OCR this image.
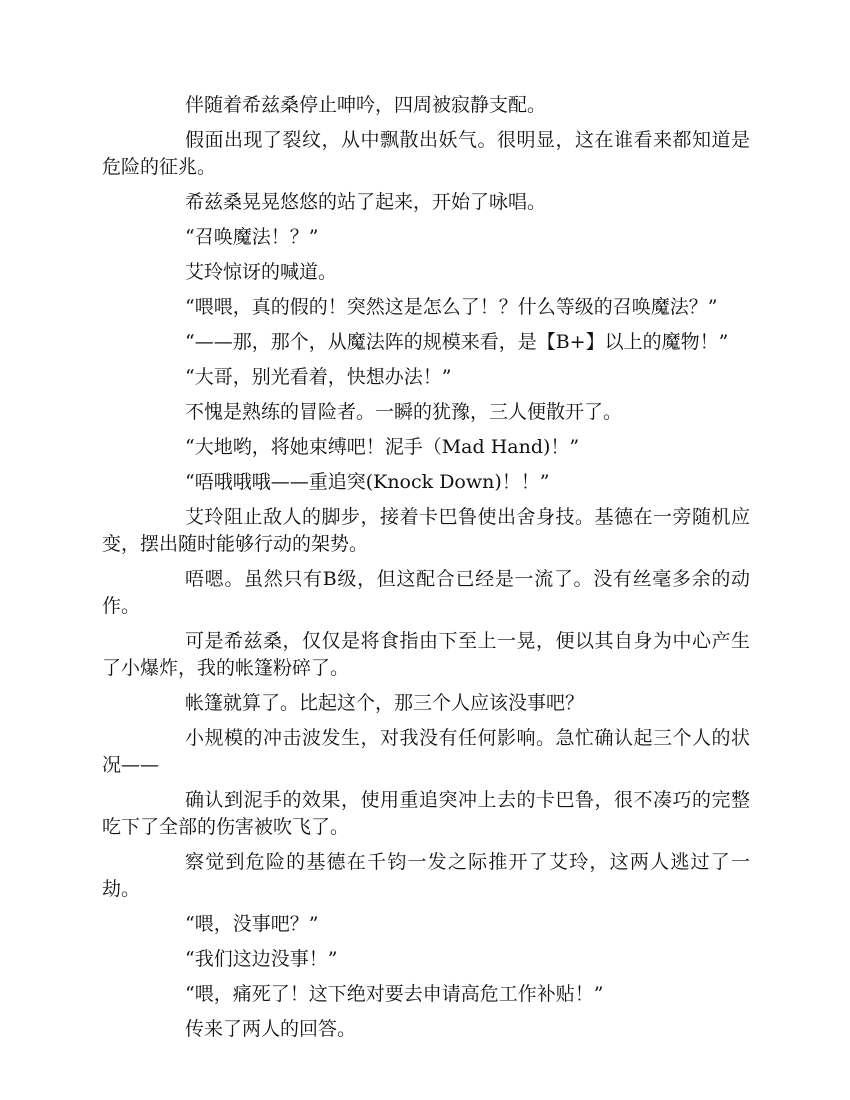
伴随着希兹桑停止呻吟，四周被寂静支配。

假面出现了裂纹，从中飘散出妖气。很明显，这在谁看来都知道是危险的征兆。

希兹桑晃晃悠悠的站了起来，开始了咏唱。

“召唤魔法！？”

艾玲惊讶的喊道。

“喂喂，真的假的！突然这是怎么了！？什么等级的召唤魔法？”

“——那，那个，从魔法阵的规模来看，是【B+】以上的魔物！”

“大哥，别光看着，快想办法！”

不愧是熟练的冒险者。一瞬的犹豫，三人便散开了。

“大地哟，将她束缚吧！泥手（Mad Hand)！”

“唔哦哦哦——重追突(Knock Down)！！”

艾玲阻止敌人的脚步，接着卡巴鲁使出舍身技。基德在一旁随机应变，摆出随时能够行动的架势。

唔嗯。虽然只有B级，但这配合已经是一流了。没有丝毫多余的动作。

可是希兹桑，仅仅是将食指由下至上一晃，便以其自身为中心产生了小爆炸，我的帐篷粉碎了。

帐篷就算了。比起这个，那三个人应该没事吧？

小规模的冲击波发生，对我没有任何影响。急忙确认起三个人的状况——

确认到泥手的效果，使用重追突冲上去的卡巴鲁，很不凑巧的完整吃下了全部的伤害被吹飞了。

察觉到危险的基德在千钧一发之际推开了艾玲，这两人逃过了一劫。

“喂，没事吧？”

“我们这边没事！”

“喂，痛死了！这下绝对要去申请高危工作补贴！”

传来了两人的回答。
